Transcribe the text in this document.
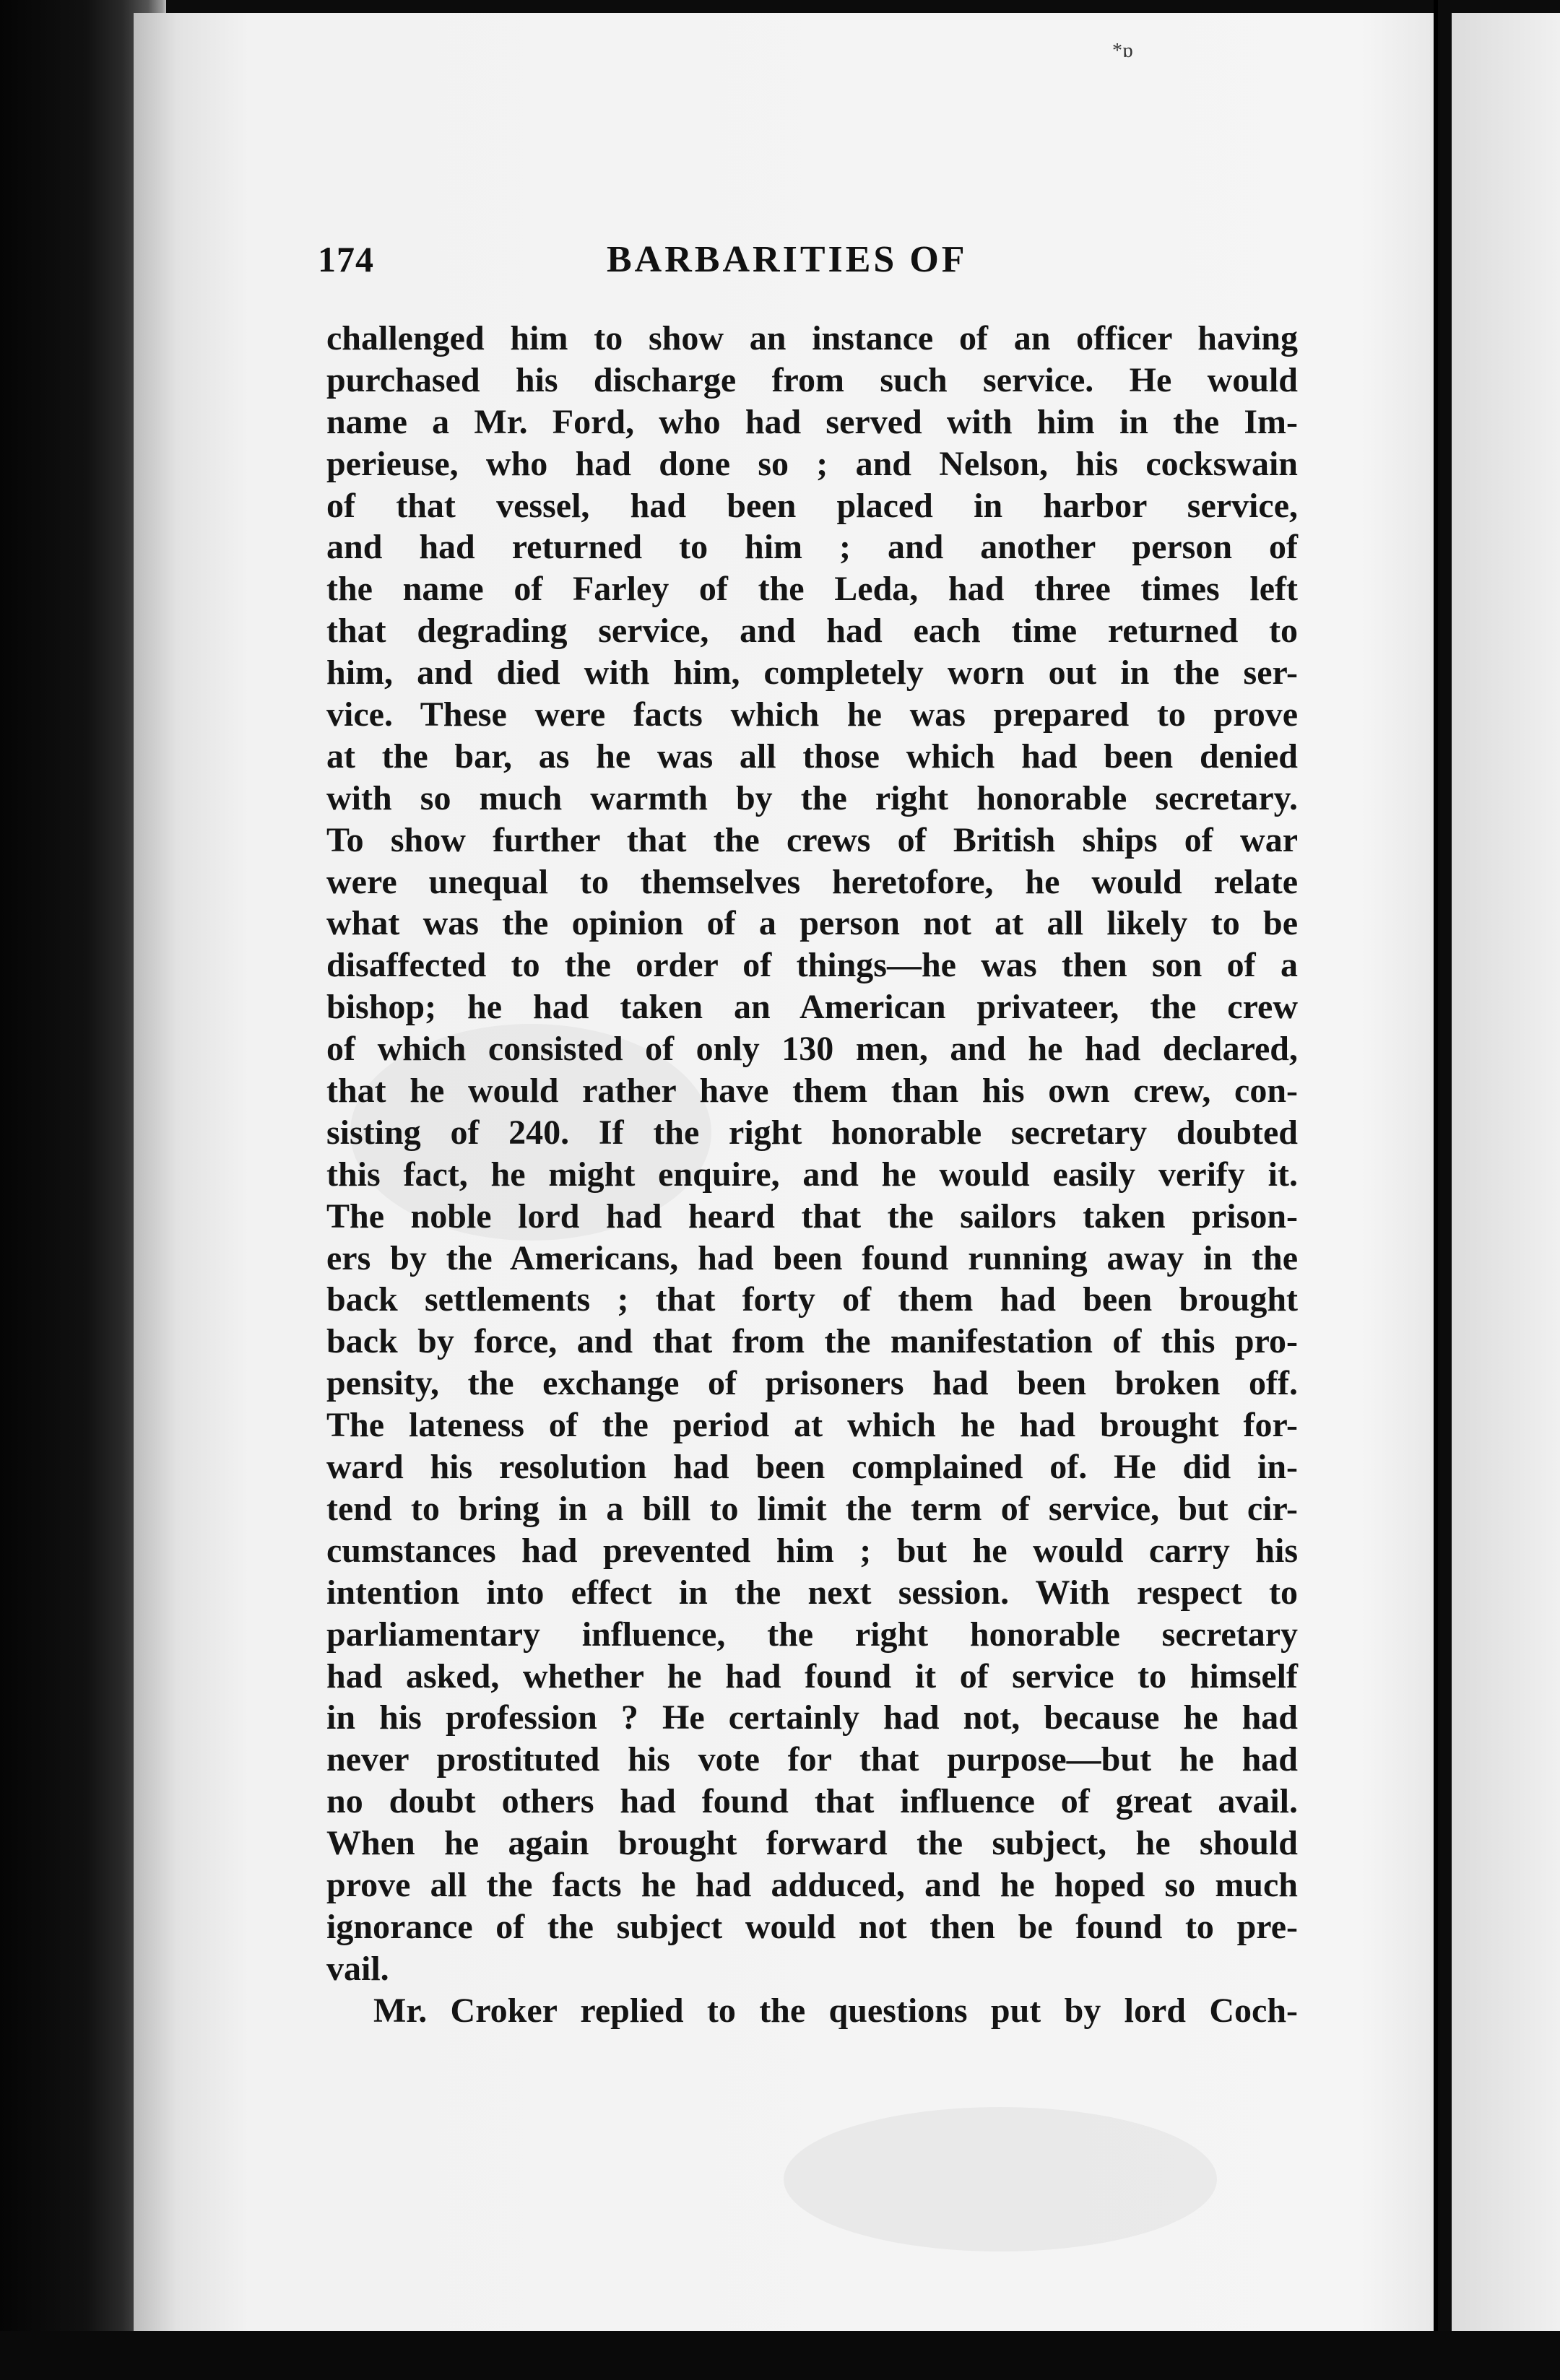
*ɒ
174	BARBARITIES OF
challenged him to show an instance of an officer having
purchased his discharge from such service. He would
name a Mr. Ford, who had served with him in the Im-
perieuse, who had done so ; and Nelson, his cockswain
of that vessel, had been placed in harbor service,
and had returned to him ; and another person of
the name of Farley of the Leda, had three times left
that degrading service, and had each time returned to
him, and died with him, completely worn out in the ser-
vice. These were facts which he was prepared to prove
at the bar, as he was all those which had been denied
with so much warmth by the right honorable secretary.
To show further that the crews of British ships of war
were unequal to themselves heretofore, he would relate
what was the opinion of a person not at all likely to be
disaffected to the order of things—he was then son of a
bishop; he had taken an American privateer, the crew
of which consisted of only 130 men, and he had declared,
that he would rather have them than his own crew, con-
sisting of 240. If the right honorable secretary doubted
this fact, he might enquire, and he would easily verify it.
The noble lord had heard that the sailors taken prison-
ers by the Americans, had been found running away in the
back settlements ; that forty of them had been brought
back by force, and that from the manifestation of this pro-
pensity, the exchange of prisoners had been broken off.
The lateness of the period at which he had brought for-
ward his resolution had been complained of. He did in-
tend to bring in a bill to limit the term of service, but cir-
cumstances had prevented him ; but he would carry his
intention into effect in the next session. With respect to
parliamentary influence, the right honorable secretary
had asked, whether he had found it of service to himself
in his profession ? He certainly had not, because he had
never prostituted his vote for that purpose—but he had
no doubt others had found that influence of great avail.
When he again brought forward the subject, he should
prove all the facts he had adduced, and he hoped so much
ignorance of the subject would not then be found to pre-
vail.
Mr. Croker replied to the questions put by lord Coch-
